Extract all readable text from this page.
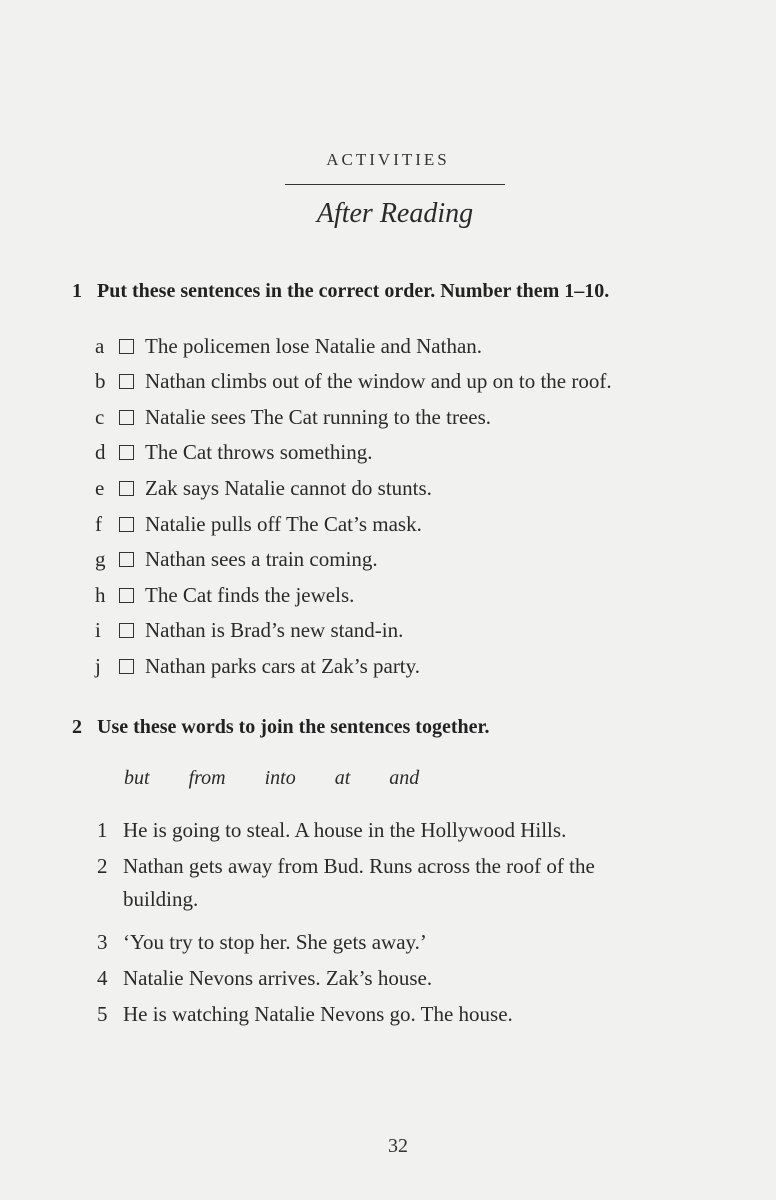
ACTIVITIES
After Reading
1 Put these sentences in the correct order. Number them 1–10.
a The policemen lose Natalie and Nathan.
b Nathan climbs out of the window and up on to the roof.
c Natalie sees The Cat running to the trees.
d The Cat throws something.
e Zak says Natalie cannot do stunts.
f Natalie pulls off The Cat’s mask.
g Nathan sees a train coming.
h The Cat finds the jewels.
i Nathan is Brad’s new stand-in.
j Nathan parks cars at Zak’s party.
2 Use these words to join the sentences together.
but from into at and
1 He is going to steal. A house in the Hollywood Hills.
2 Nathan gets away from Bud. Runs across the roof of the
building.
3 ‘You try to stop her. She gets away.’
4 Natalie Nevons arrives. Zak’s house.
5 He is watching Natalie Nevons go. The house.
32
